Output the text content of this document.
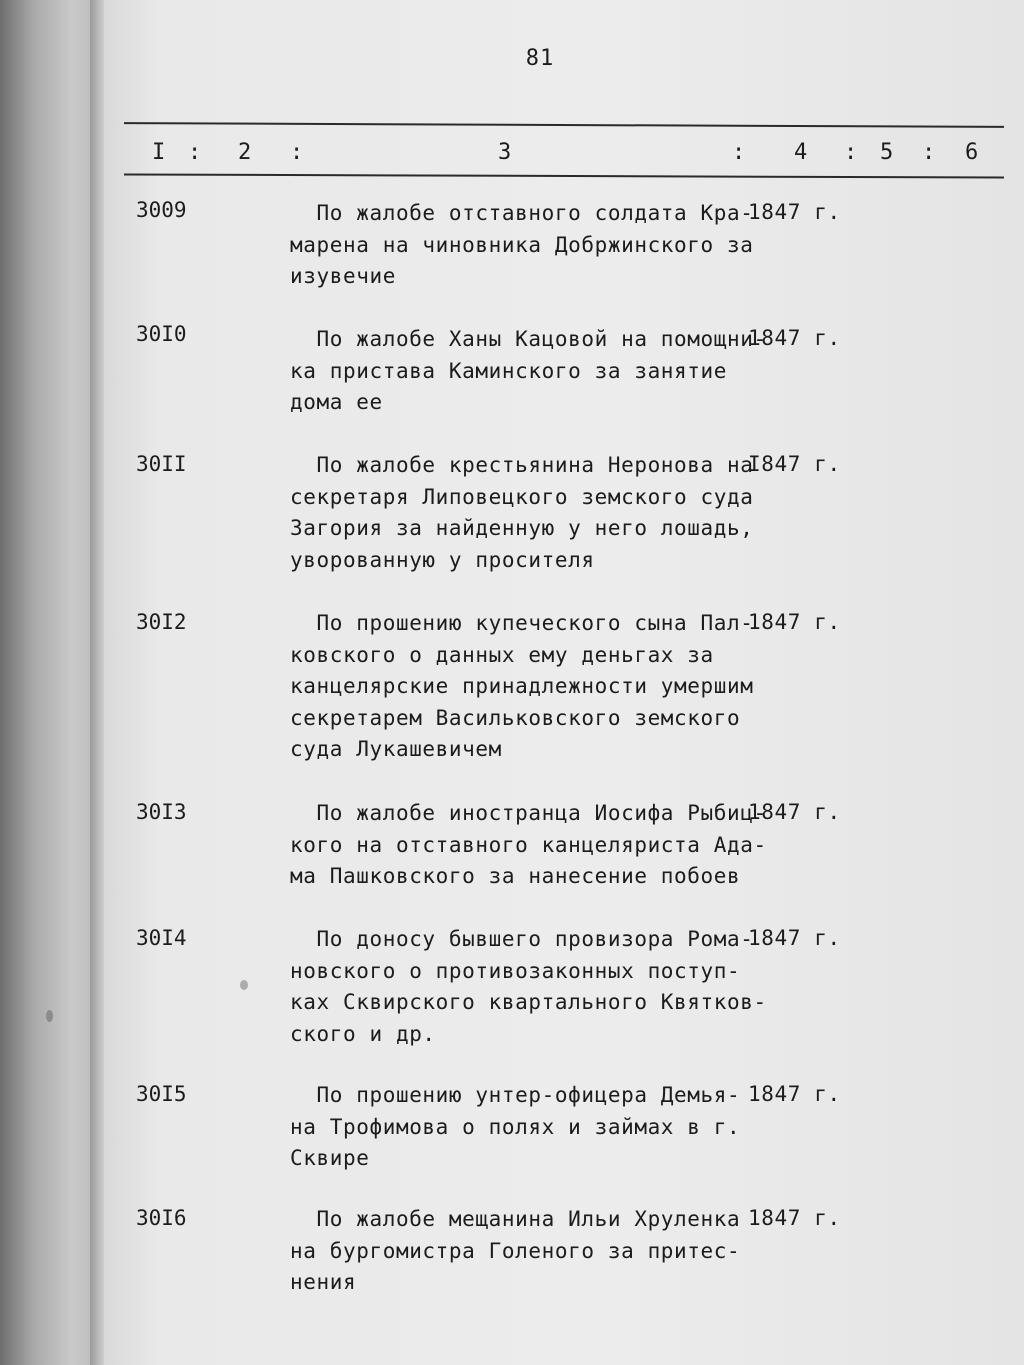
81
I : 2 :	3	: 4 : 5 : 6
3009	По жалобе отставного солдата Кра-
марена на чиновника Добржинского за
изувечие
1847 г.
30I0	По жалобе Ханы Кацовой на помощни-
ка пристава Каминского за занятие
дома ее
1847 г.
30II	По жалобе крестьянина Неронова на
секретаря Липовецкого земского суда
Загория за найденную у него лошадь,
уворованную у просителя
I847 г.
30I2	По прошению купеческого сына Пал-
ковского о данных ему деньгах за
канцелярские принадлежности умершим
секретарем Васильковского земского
суда Лукашевичем
1847 г.
30I3	По жалобе иностранца Иосифа Рыбиц-
кого на отставного канцеляриста Ада-
ма Пашковского за нанесение побоев
1847 г.
30I4	По доносу бывшего провизора Рома-
новского о противозаконных поступ-
ках Сквирского квартального Квятков-
ского и др.
1847 г.
30I5	По прошению унтер-офицера Демья-
на Трофимова о полях и займах в г.
Сквире
1847 г.
30I6	По жалобе мещанина Ильи Хруленка
на бургомистра Голеного за притес-
нения
1847 г.
